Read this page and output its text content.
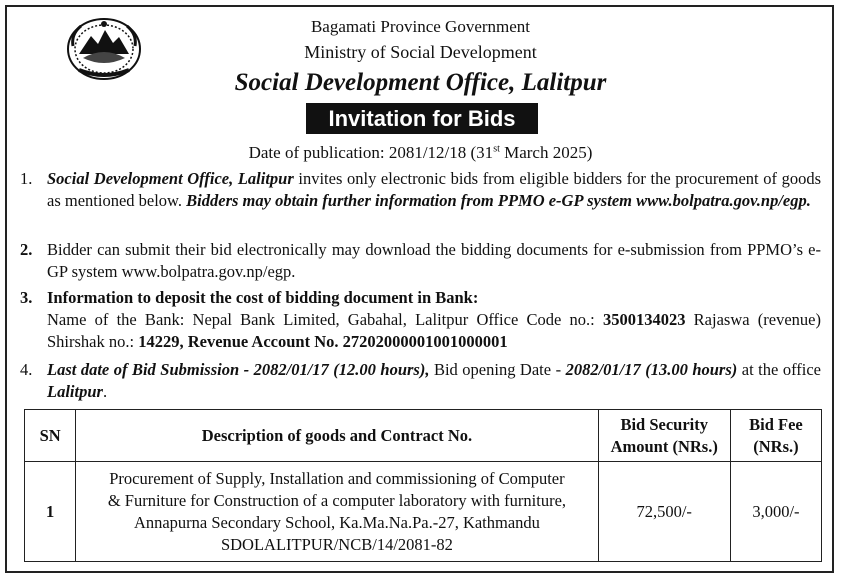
Bagamati Province Government
Ministry of Social Development
Social Development Office, Lalitpur
Invitation for Bids
Date of publication: 2081/12/18 (31st March 2025)
1. Social Development Office, Lalitpur invites only electronic bids from eligible bidders for the procurement of goods as mentioned below. Bidders may obtain further information from PPMO e-GP system www.bolpatra.gov.np/egp.
2. Bidder can submit their bid electronically may download the bidding documents for e-submission from PPMO’s e-GP system www.bolpatra.gov.np/egp.
3. Information to deposit the cost of bidding document in Bank:
Name of the Bank: Nepal Bank Limited, Gabahal, Lalitpur Office Code no.: 3500134023 Rajaswa (revenue) Shirshak no.: 14229, Revenue Account No. 27202000001001000001
4. Last date of Bid Submission - 2082/01/17 (12.00 hours), Bid opening Date - 2082/01/17 (13.00 hours) at the office Lalitpur.
SN	Description of goods and Contract No.	Bid Security Amount (NRs.)	Bid Fee (NRs.)
1	Procurement of Supply, Installation and commissioning of Computer
& Furniture for Construction of a computer laboratory with furniture,
Annapurna Secondary School, Ka.Ma.Na.Pa.-27, Kathmandu
SDOLALITPUR/NCB/14/2081-82	72,500/-	3,000/-
